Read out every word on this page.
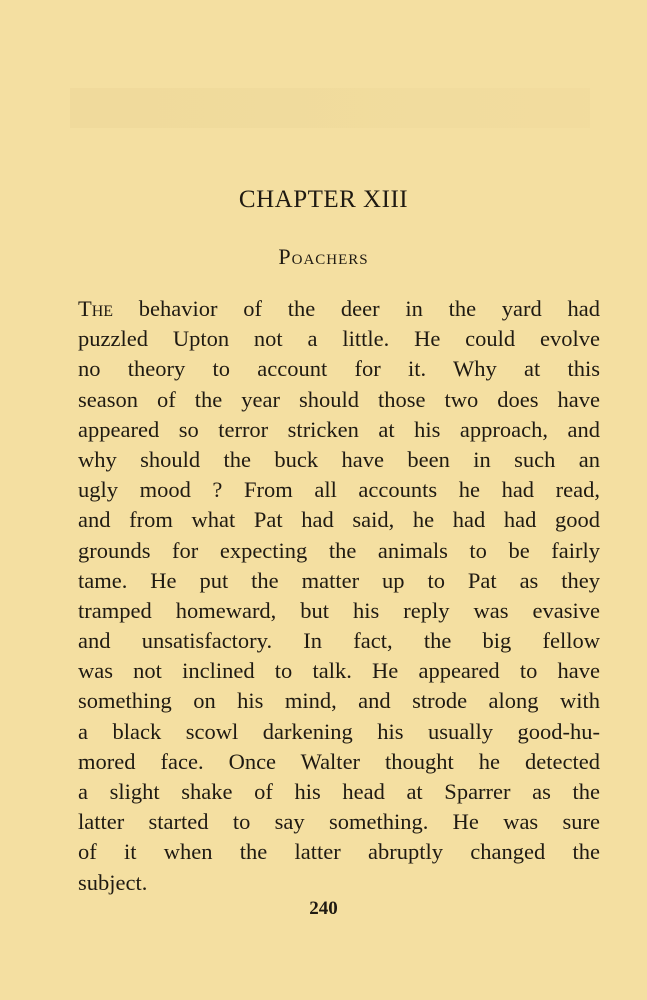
CHAPTER XIII
Poachers
The behavior of the deer in the yard had
puzzled Upton not a little. He could evolve
no theory to account for it. Why at this
season of the year should those two does have
appeared so terror stricken at his approach, and
why should the buck have been in such an
ugly mood ? From all accounts he had read,
and from what Pat had said, he had had good
grounds for expecting the animals to be fairly
tame. He put the matter up to Pat as they
tramped homeward, but his reply was evasive
and unsatisfactory. In fact, the big fellow
was not inclined to talk. He appeared to have
something on his mind, and strode along with
a black scowl darkening his usually good-hu-
mored face. Once Walter thought he detected
a slight shake of his head at Sparrer as the
latter started to say something. He was sure
of it when the latter abruptly changed the
subject.
240
